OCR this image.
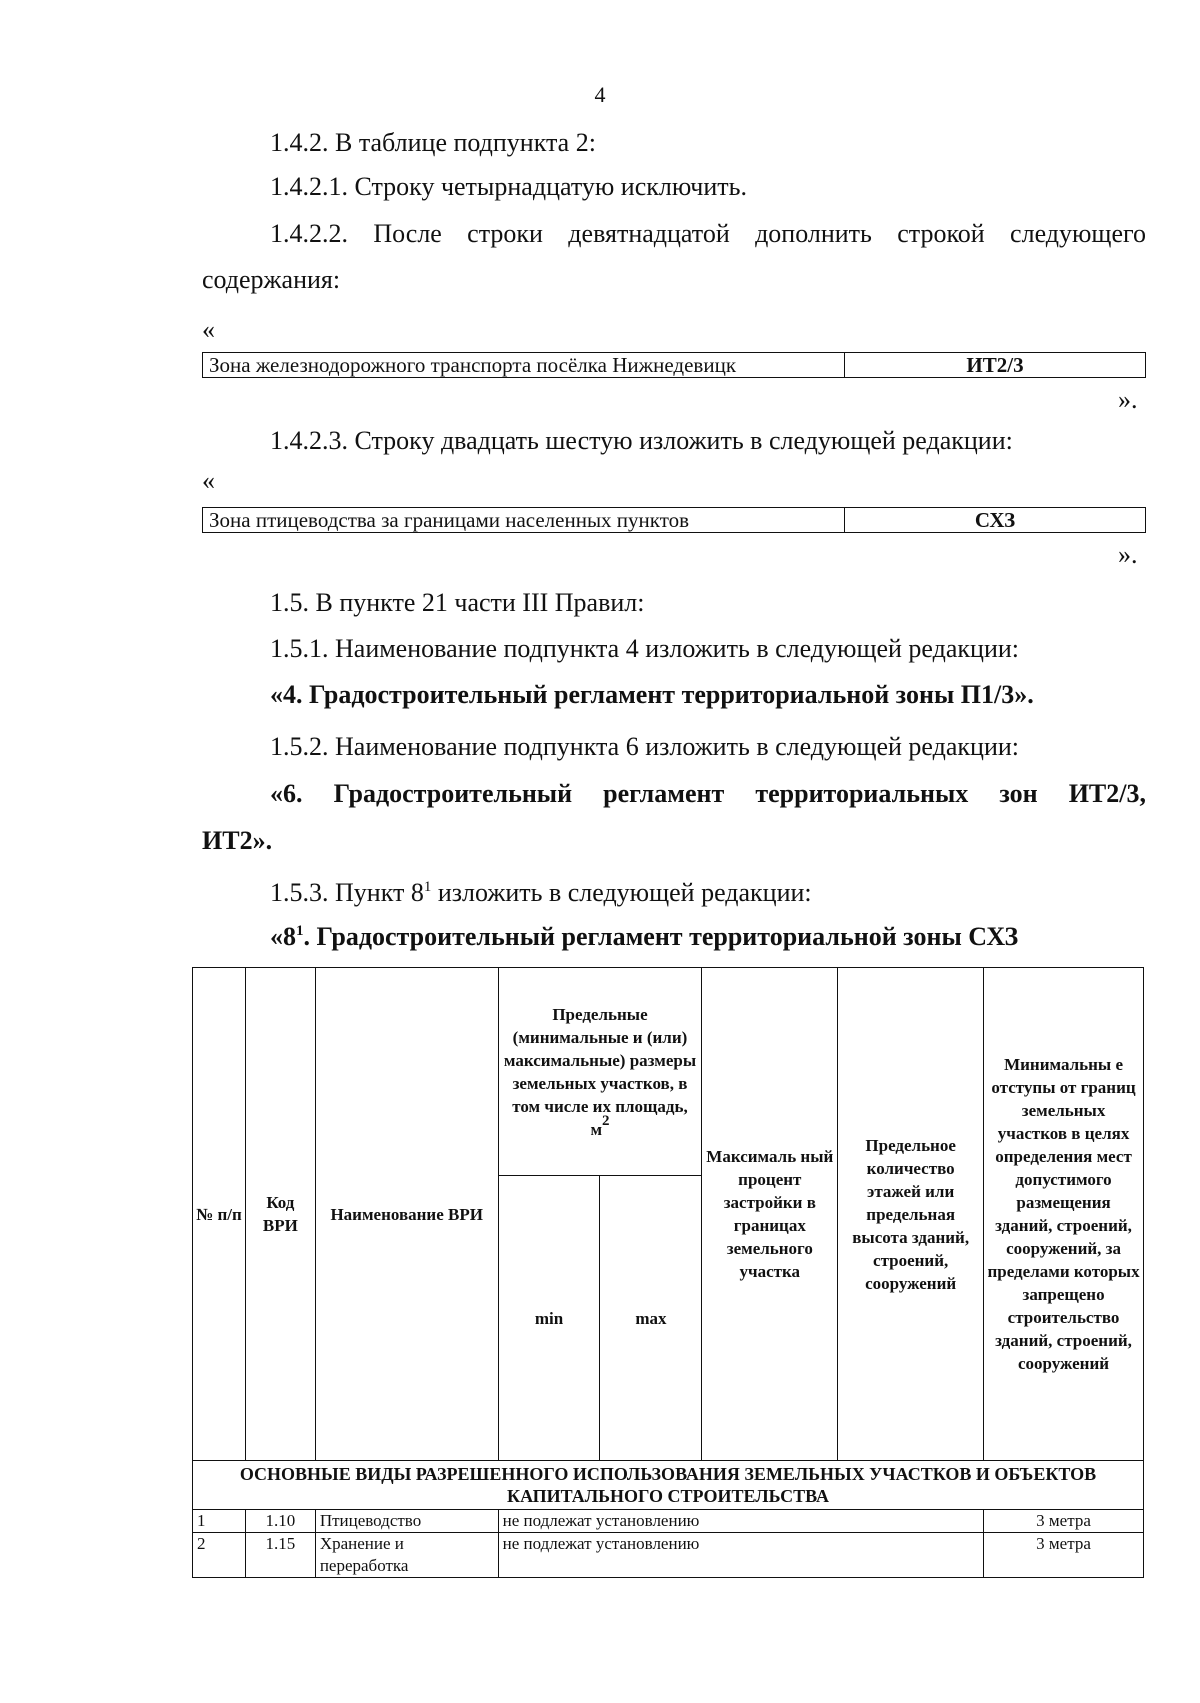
4
1.4.2. В таблице подпункта 2:
1.4.2.1. Строку четырнадцатую исключить.
1.4.2.2. После строки девятнадцатой дополнить строкой следующего
содержания:
«
Зона железнодорожного транспорта посёлка Нижнедевицк	ИТ2/3
».
1.4.2.3. Строку двадцать шестую изложить в следующей редакции:
«
Зона птицеводства за границами населенных пунктов	СХЗ
».
1.5. В пункте 21 части III Правил:
1.5.1. Наименование подпункта 4 изложить в следующей редакции:
«4. Градостроительный регламент территориальной зоны П1/3».
1.5.2. Наименование подпункта 6 изложить в следующей редакции:
«6. Градостроительный регламент территориальных зон ИТ2/3,
ИТ2».
1.5.3. Пункт $8^1$ изложить в следующей редакции:
«$8^1$. Градостроительный регламент территориальной зоны СХЗ
№ п/п	Код ВРИ	Наименование ВРИ	Предельные (минимальные и (или) максимальные) размеры земельных участков, в том числе их площадь, $м^2$		Максималь ный процент застройки в границах земельного участка	Предельное количество этажей или предельная высота зданий, строений, сооружений	Минимальны е отступы от границ земельных участков в целях определения мест допустимого размещения зданий, строений, сооружений, за пределами которых запрещено строительство зданий, строений, сооружений
			min	max			
ОСНОВНЫЕ ВИДЫ РАЗРЕШЕННОГО ИСПОЛЬЗОВАНИЯ ЗЕМЕЛЬНЫХ УЧАСТКОВ И ОБЪЕКТОВ КАПИТАЛЬНОГО СТРОИТЕЛЬСТВА							
1	1.10	Птицеводство	не подлежат установлению				3 метра
2	1.15	Хранение и переработка	не подлежат установлению				3 метра
